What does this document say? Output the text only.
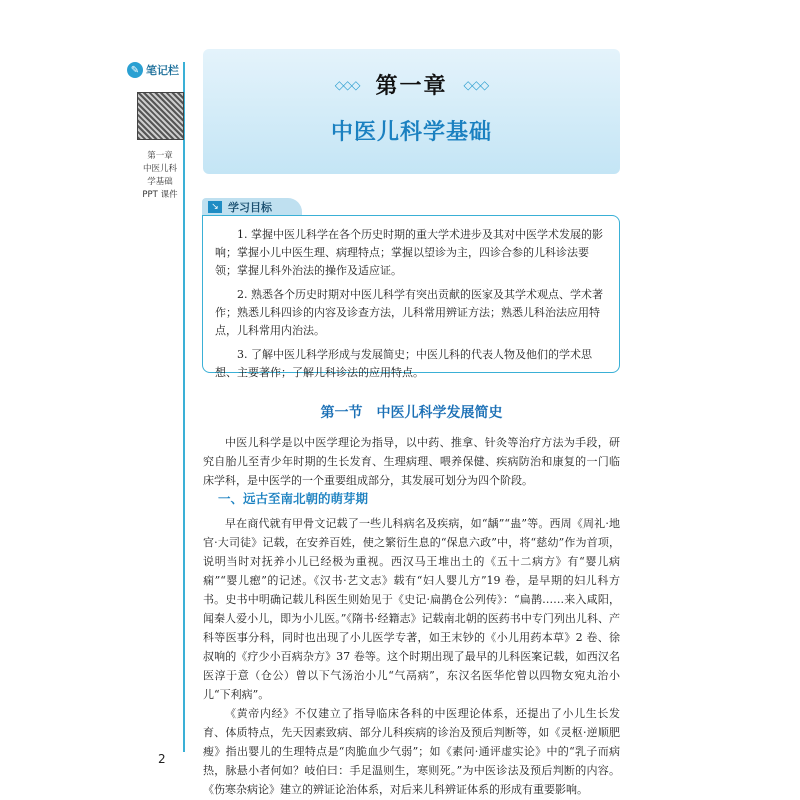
✎ 笔记栏
第一章
中医儿科
学基础
PPT 课件
◇◇◇ 第一章 ◇◇◇
中医儿科学基础
↘ 学习目标

1. 掌握中医儿科学在各个历史时期的重大学术进步及其对中医学术发展的影响；掌握小儿中医生理、病理特点；掌握以望诊为主，四诊合参的儿科诊法要领；掌握儿科外治法的操作及适应证。

2. 熟悉各个历史时期对中医儿科学有突出贡献的医家及其学术观点、学术著作；熟悉儿科四诊的内容及诊查方法，儿科常用辨证方法；熟悉儿科治法应用特点，儿科常用内治法。

3. 了解中医儿科学形成与发展简史；中医儿科的代表人物及他们的学术思想、主要著作；了解儿科诊法的应用特点。

第一节　中医儿科学发展简史

中医儿科学是以中医学理论为指导，以中药、推拿、针灸等治疗方法为手段，研究自胎儿至青少年时期的生长发育、生理病理、喂养保健、疾病防治和康复的一门临床学科，是中医学的一个重要组成部分，其发展可划分为四个阶段。

一、远古至南北朝的萌芽期

早在商代就有甲骨文记载了一些儿科病名及疾病，如“龋”“蛊”等。西周《周礼·地官·大司徒》记载，在安养百姓，使之繁衍生息的“保息六政”中，将“慈幼”作为首项，说明当时对抚养小儿已经极为重视。西汉马王堆出土的《五十二病方》有“婴儿病痫”“婴儿瘛”的记述。《汉书·艺文志》载有“妇人婴儿方”19 卷，是早期的妇儿科方书。史书中明确记载儿科医生则始见于《史记·扁鹊仓公列传》：“扁鹊……来入咸阳，闻秦人爱小儿，即为小儿医。”《隋书·经籍志》记载南北朝的医药书中专门列出儿科、产科等医事分科，同时也出现了小儿医学专著，如王末钞的《小儿用药本草》2 卷、徐叔响的《疗少小百病杂方》37 卷等。这个时期出现了最早的儿科医案记载，如西汉名医淳于意（仓公）曾以下气汤治小儿“气鬲病”，东汉名医华佗曾以四物女宛丸治小儿“下利病”。

《黄帝内经》不仅建立了指导临床各科的中医理论体系，还提出了小儿生长发育、体质特点，先天因素致病、部分儿科疾病的诊治及预后判断等，如《灵枢·逆顺肥瘦》指出婴儿的生理特点是“肉脆血少气弱”；如《素问·通评虚实论》中的“乳子而病热，脉悬小者何如？岐伯曰：手足温则生，寒则死。”为中医诊法及预后判断的内容。《伤寒杂病论》建立的辨证论治体系，对后来儿科辨证体系的形成有重要影响。

2
